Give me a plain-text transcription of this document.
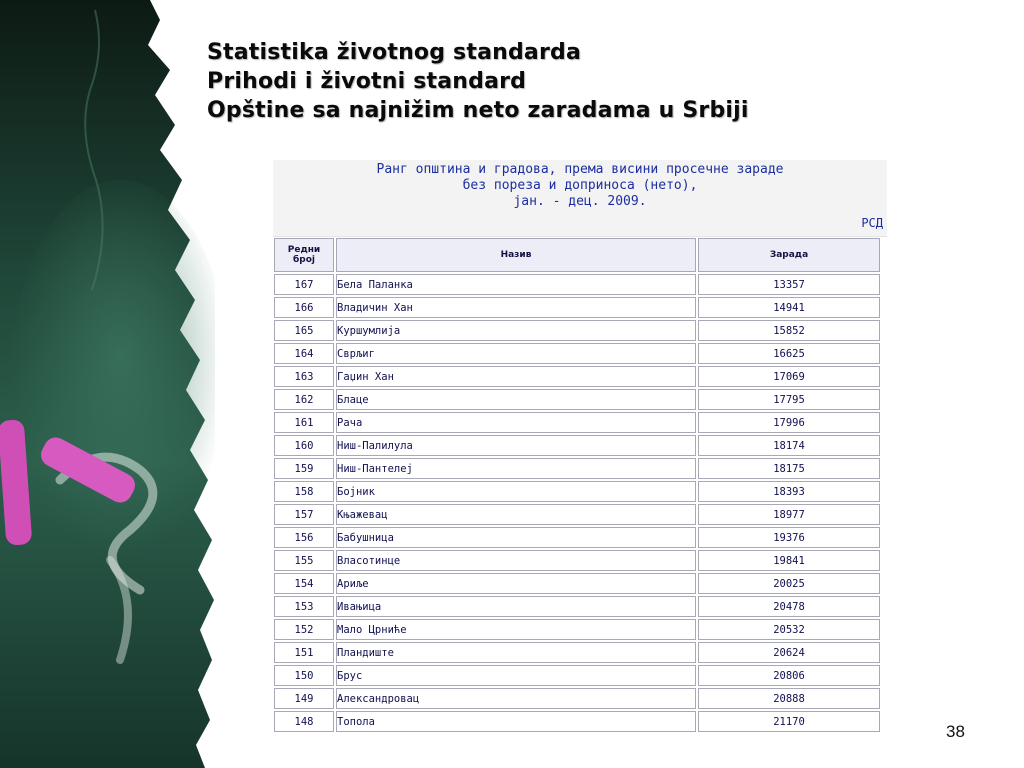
Statistika životnog standarda
Prihodi i životni standard
Opštine sa najnižim neto zaradama u Srbiji
Ранг општина и градова, према висини просечне зараде
без пореза и доприноса (нето),
јан. - дец. 2009.
РСД
Редни
број	Назив	Зарада
167	Бела Паланка	13357
166	Владичин Хан	14941
165	Куршумлија	15852
164	Сврљиг	16625
163	Гаџин Хан	17069
162	Блаце	17795
161	Рача	17996
160	Ниш-Палилула	18174
159	Ниш-Пантелеј	18175
158	Бојник	18393
157	Књажевац	18977
156	Бабушница	19376
155	Власотинце	19841
154	Ариље	20025
153	Ивањица	20478
152	Мало Црниће	20532
151	Пландиште	20624
150	Брус	20806
149	Александровац	20888
148	Топола	21170
38
